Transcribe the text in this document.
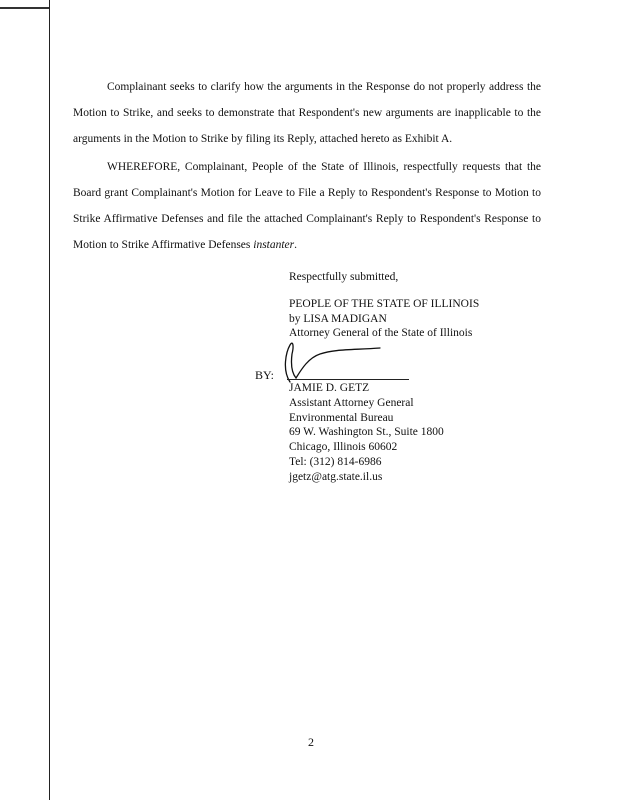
Complainant seeks to clarify how the arguments in the Response do not properly address the Motion to Strike, and seeks to demonstrate that Respondent's new arguments are inapplicable to the arguments in the Motion to Strike by filing its Reply, attached hereto as Exhibit A.

WHEREFORE, Complainant, People of the State of Illinois, respectfully requests that the Board grant Complainant's Motion for Leave to File a Reply to Respondent's Response to Motion to Strike Affirmative Defenses and file the attached Complainant's Reply to Respondent's Response to Motion to Strike Affirmative Defenses instanter.

Respectfully submitted,
PEOPLE OF THE STATE OF ILLINOIS
by LISA MADIGAN
Attorney General of the State of Illinois
BY:
JAMIE D. GETZ
Assistant Attorney General
Environmental Bureau
69 W. Washington St., Suite 1800
Chicago, Illinois 60602
Tel: (312) 814-6986
jgetz@atg.state.il.us
2
